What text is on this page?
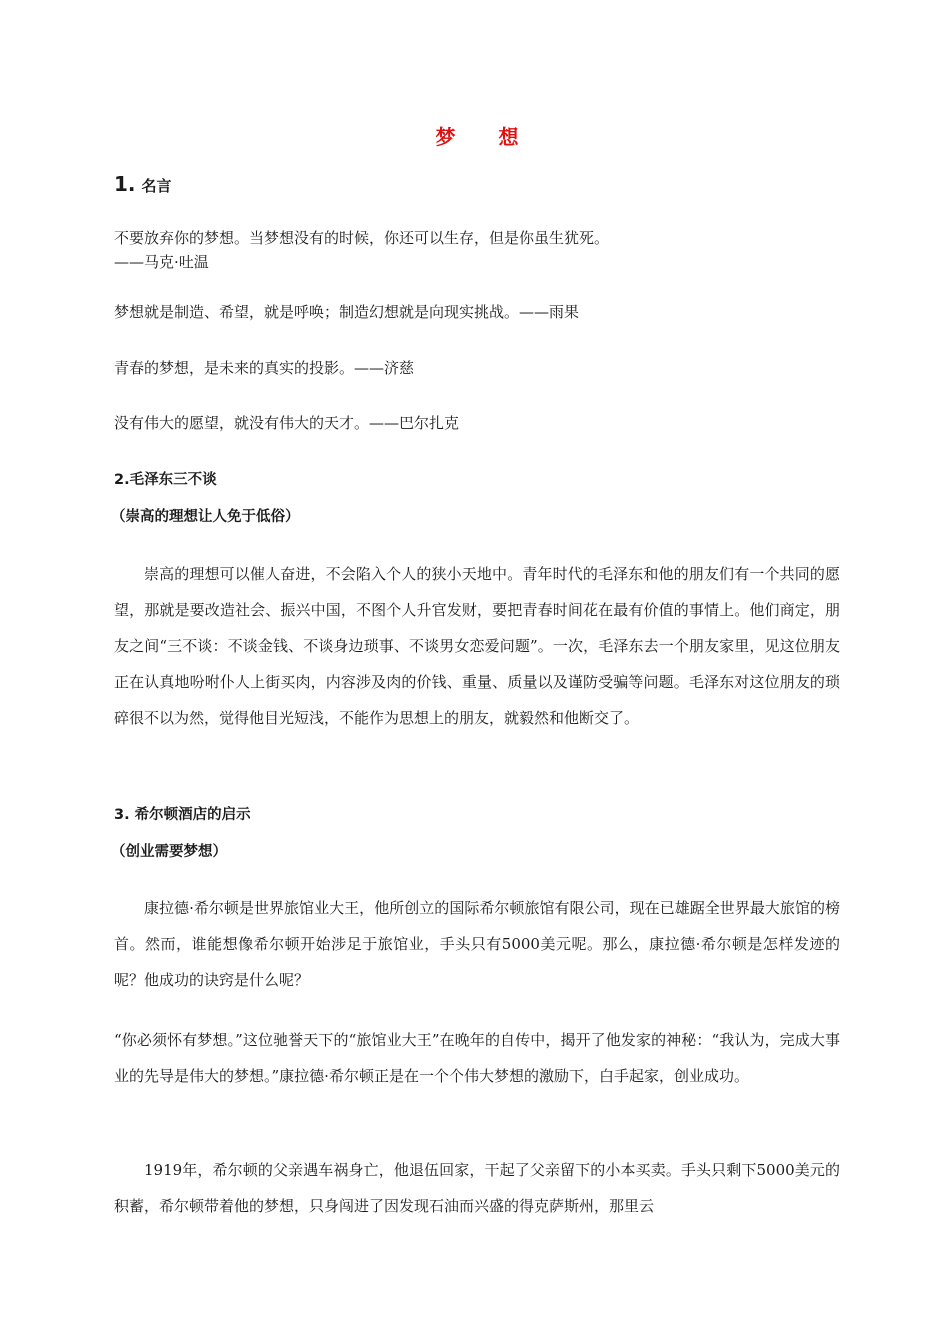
梦 想
1. 名言
不要放弃你的梦想。当梦想没有的时候，你还可以生存，但是你虽生犹死。
——马克·吐温
梦想就是制造、希望，就是呼唤；制造幻想就是向现实挑战。——雨果
青春的梦想，是未来的真实的投影。——济慈
没有伟大的愿望，就没有伟大的天才。——巴尔扎克
2.毛泽东三不谈
（崇高的理想让人免于低俗）
崇高的理想可以催人奋进，不会陷入个人的狭小天地中。青年时代的毛泽东和他的朋友们有一个共同的愿望，那就是要改造社会、振兴中国，不图个人升官发财，要把青春时间花在最有价值的事情上。他们商定，朋友之间“三不谈：不谈金钱、不谈身边琐事、不谈男女恋爱问题”。一次，毛泽东去一个朋友家里，见这位朋友正在认真地吩咐仆人上街买肉，内容涉及肉的价钱、重量、质量以及谨防受骗等问题。毛泽东对这位朋友的琐碎很不以为然，觉得他目光短浅，不能作为思想上的朋友，就毅然和他断交了。
3. 希尔顿酒店的启示
（创业需要梦想）
康拉德·希尔顿是世界旅馆业大王，他所创立的国际希尔顿旅馆有限公司，现在已雄踞全世界最大旅馆的榜首。然而，谁能想像希尔顿开始涉足于旅馆业，手头只有5000美元呢。那么，康拉德·希尔顿是怎样发迹的呢？他成功的诀窍是什么呢？
“你必须怀有梦想。”这位驰誉天下的“旅馆业大王”在晚年的自传中，揭开了他发家的神秘：“我认为，完成大事业的先导是伟大的梦想。”康拉德·希尔顿正是在一个个伟大梦想的激励下，白手起家，创业成功。
1919年，希尔顿的父亲遇车祸身亡，他退伍回家，干起了父亲留下的小本买卖。手头只剩下5000美元的积蓄，希尔顿带着他的梦想，只身闯进了因发现石油而兴盛的得克萨斯州，那里云
